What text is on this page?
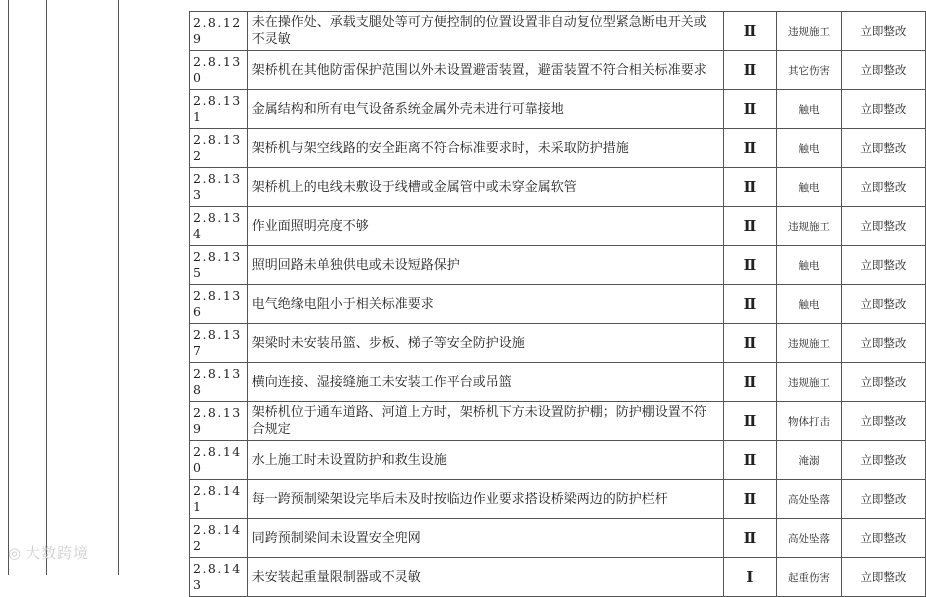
2.8.12
9	未在操作处、承载支腿处等可方便控制的位置设置非自动复位型紧急断电开关或不灵敏	Ⅱ	违规施工	立即整改
2.8.13
0	架桥机在其他防雷保护范围以外未设置避雷装置，避雷装置不符合相关标准要求	Ⅱ	其它伤害	立即整改
2.8.13
1	金属结构和所有电气设备系统金属外壳未进行可靠接地	Ⅱ	触电	立即整改
2.8.13
2	架桥机与架空线路的安全距离不符合标准要求时，未采取防护措施	Ⅱ	触电	立即整改
2.8.13
3	架桥机上的电线未敷设于线槽或金属管中或未穿金属软管	Ⅱ	触电	立即整改
2.8.13
4	作业面照明亮度不够	Ⅱ	违规施工	立即整改
2.8.13
5	照明回路未单独供电或未设短路保护	Ⅱ	触电	立即整改
2.8.13
6	电气绝缘电阻小于相关标准要求	Ⅱ	触电	立即整改
2.8.13
7	架梁时未安装吊篮、步板、梯子等安全防护设施	Ⅱ	违规施工	立即整改
2.8.13
8	横向连接、湿接缝施工未安装工作平台或吊篮	Ⅱ	违规施工	立即整改
2.8.13
9	架桥机位于通车道路、河道上方时，架桥机下方未设置防护棚；防护棚设置不符合规定	Ⅱ	物体打击	立即整改
2.8.14
0	水上施工时未设置防护和救生设施	Ⅱ	淹溺	立即整改
2.8.14
1	每一跨预制梁架设完毕后未及时按临边作业要求搭设桥梁两边的防护栏杆	Ⅱ	高处坠落	立即整改
2.8.14
2	同跨预制梁间未设置安全兜网	Ⅱ	高处坠落	立即整改
2.8.14
3	未安装起重量限制器或不灵敏	Ⅰ	起重伤害	立即整改
◎ 大数跨境
